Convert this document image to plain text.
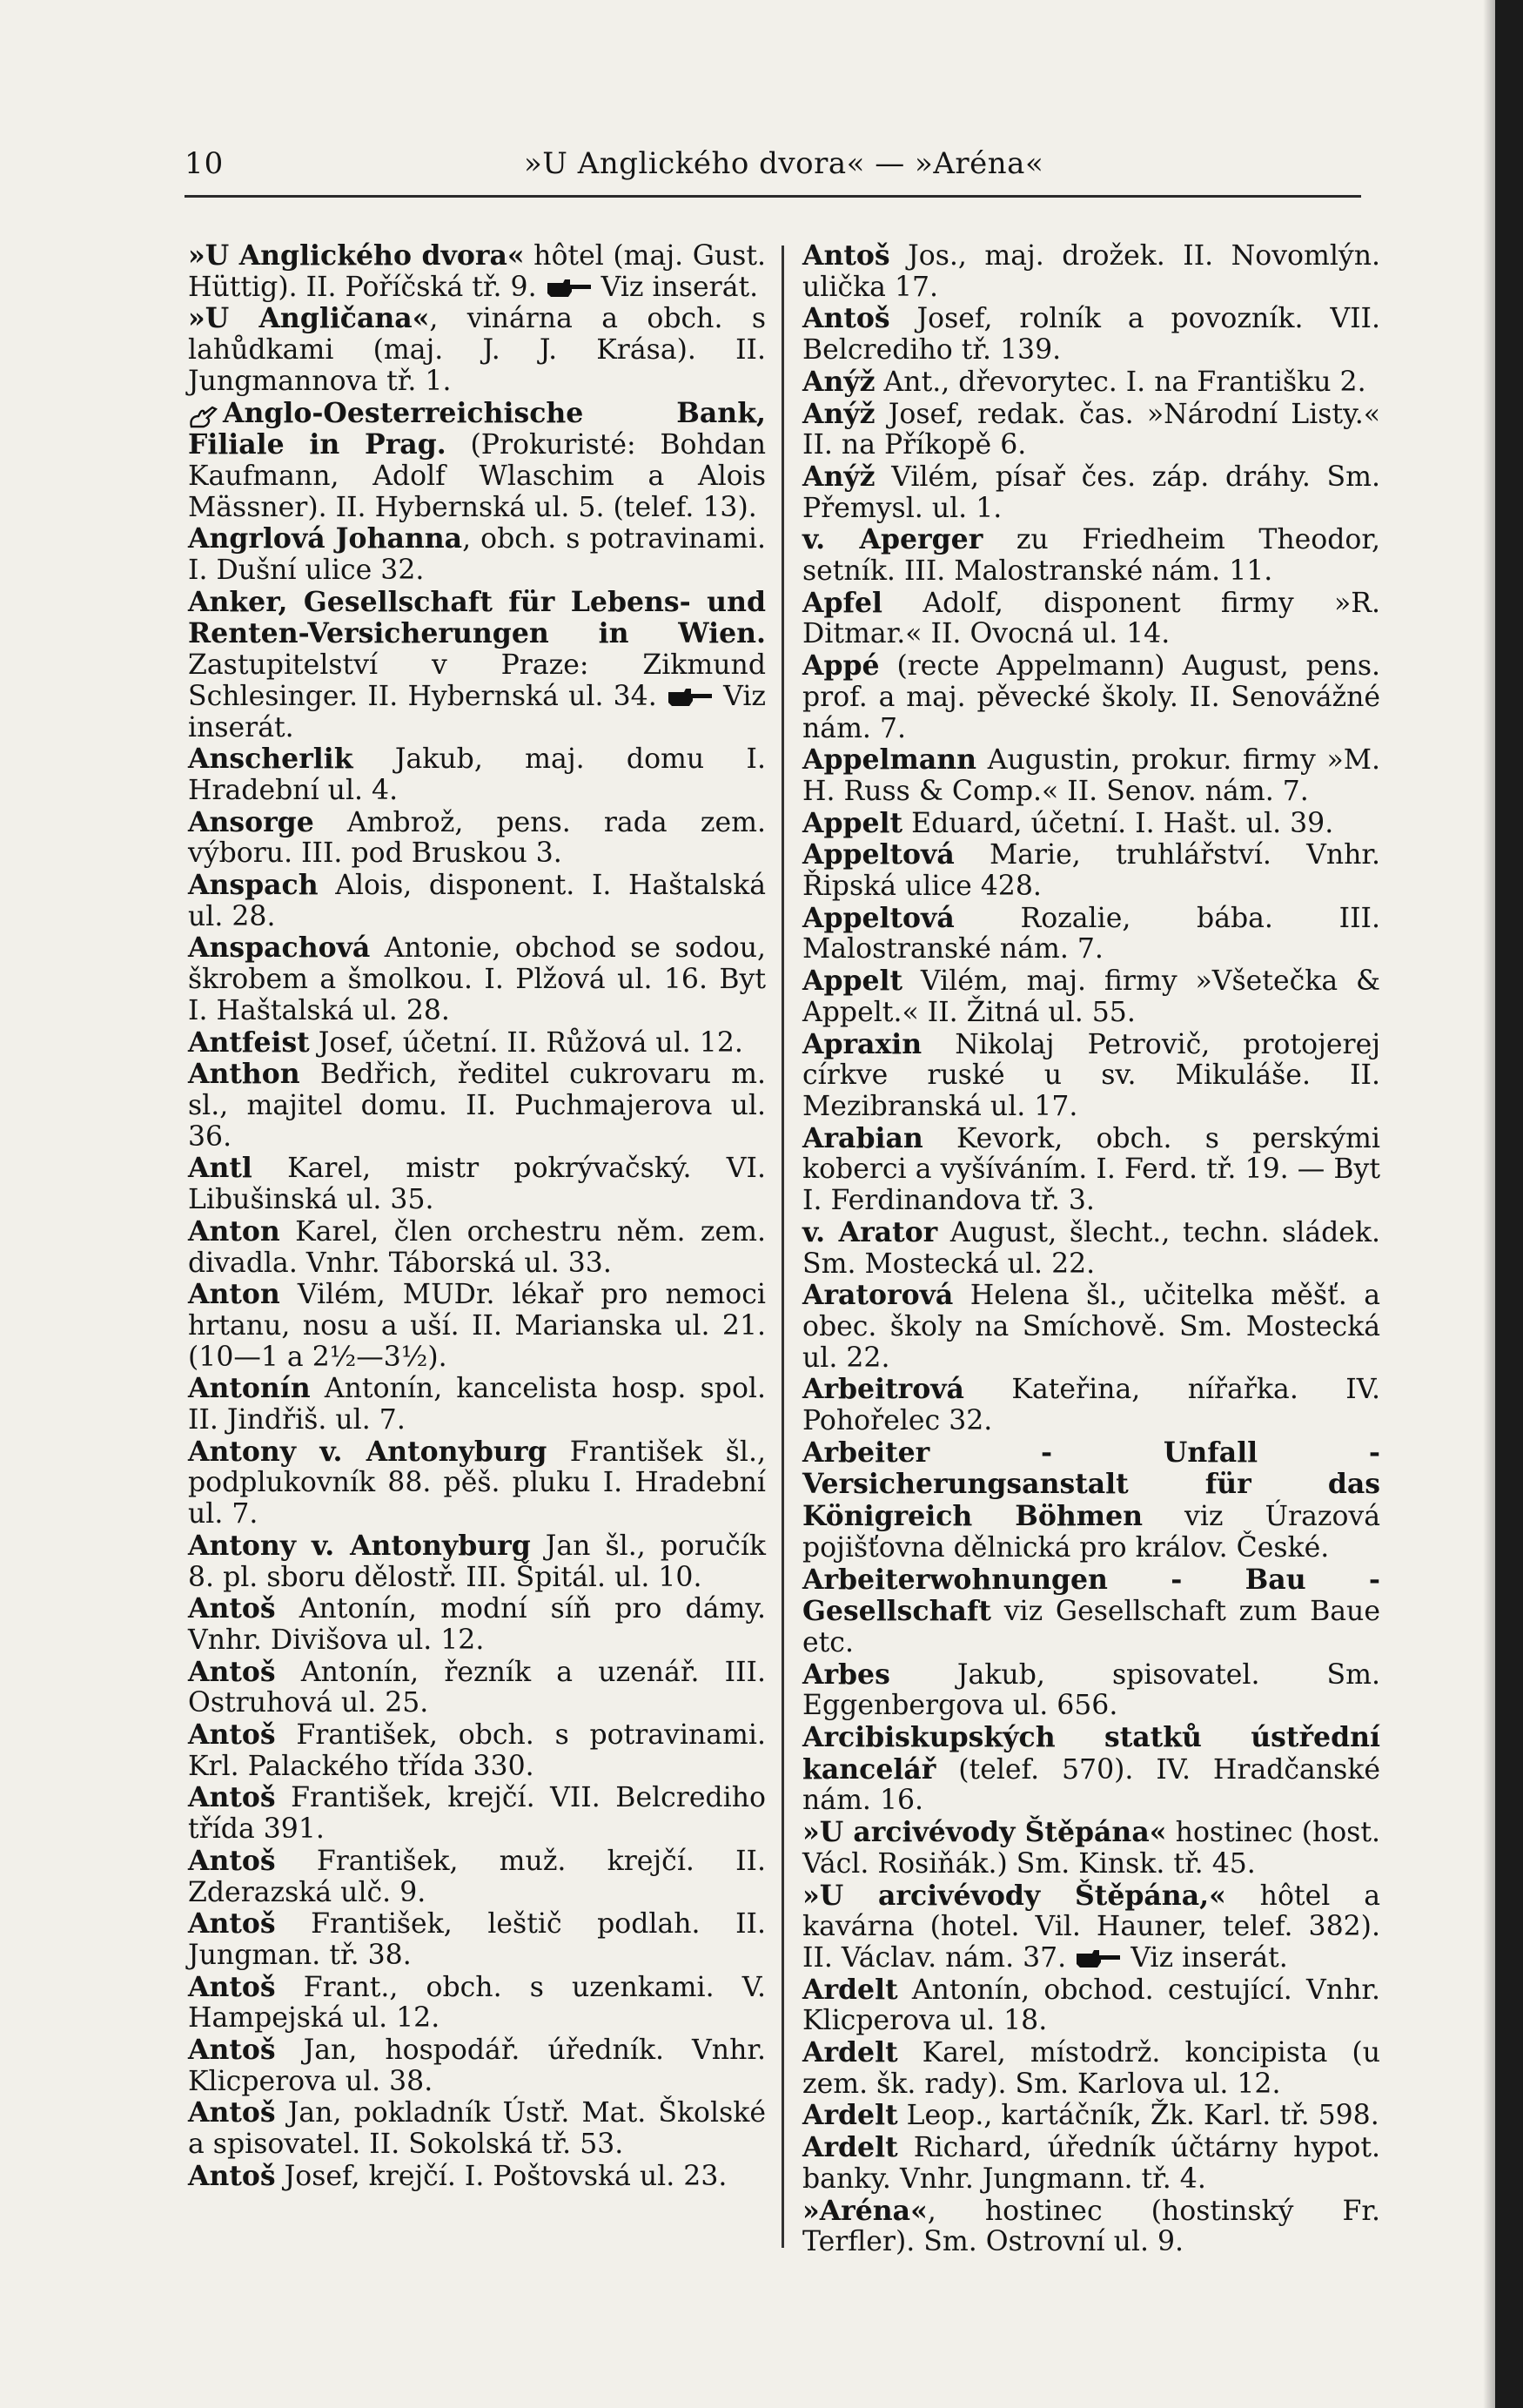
10	»U Anglického dvora« — »Aréna«

»U Anglického dvora« hôtel (maj. Gust. Hüttig). II. Poříčská tř. 9.
Viz inserát.

»U Angličana«, vinárna a obch. s lahůdkami (maj. J. J. Krása). II. Jungmannova tř. 1.

Anglo-Oesterreichische Bank, Filiale in Prag. (Prokuristé: Bohdan Kaufmann, Adolf Wlaschim a Alois Mässner). II. Hybernská ul. 5. (telef. 13).

Angrlová Johanna, obch. s potravinami. I. Dušní ulice 32.

Anker, Gesellschaft für Lebens- und Renten-Versicherungen in Wien. Zastupitelství v Praze: Zikmund Schlesinger. II. Hybernská ul. 34.
Viz inserát.

Anscherlik Jakub, maj. domu I. Hradební ul. 4.

Ansorge Ambrož, pens. rada zem. výboru. III. pod Bruskou 3.

Anspach Alois, disponent. I. Haštalská ul. 28.

Anspachová Antonie, obchod se sodou, škrobem a šmolkou. I. Plžová ul. 16. Byt I. Haštalská ul. 28.

Antfeist Josef, účetní. II. Růžová ul. 12.

Anthon Bedřich, ředitel cukrovaru m. sl., majitel domu. II. Puchmajerova ul. 36.

Antl Karel, mistr pokrývačský. VI. Libušinská ul. 35.

Anton Karel, člen orchestru něm. zem. divadla. Vnhr. Táborská ul. 33.

Anton Vilém, MUDr. lékař pro nemoci hrtanu, nosu a uší. II. Marianska ul. 21. (10—1 a 2½—3½).

Antonín Antonín, kancelista hosp. spol. II. Jindřiš. ul. 7.

Antony v. Antonyburg František šl., podplukovník 88. pěš. pluku I. Hradební ul. 7.

Antony v. Antonyburg Jan šl., poručík 8. pl. sboru dělostř. III. Špitál. ul. 10.

Antoš Antonín, modní síň pro dámy. Vnhr. Divišova ul. 12.

Antoš Antonín, řezník a uzenář. III. Ostruhová ul. 25.

Antoš František, obch. s potravinami. Krl. Palackého třída 330.

Antoš František, krejčí. VII. Belcrediho třída 391.

Antoš František, muž. krejčí. II. Zderazská ulč. 9.

Antoš František, leštič podlah. II. Jungman. tř. 38.

Antoš Frant., obch. s uzenkami. V. Hampejská ul. 12.

Antoš Jan, hospodář. úředník. Vnhr. Klicperova ul. 38.

Antoš Jan, pokladník Ústř. Mat. Školské a spisovatel. II. Sokolská tř. 53.

Antoš Josef, krejčí. I. Poštovská ul. 23.

Antoš Jos., maj. drožek. II. Novomlýn. ulička 17.

Antoš Josef, rolník a povozník. VII. Belcrediho tř. 139.

Anýž Ant., dřevorytec. I. na Františku 2.

Anýž Josef, redak. čas. »Národní Listy.« II. na Příkopě 6.

Anýž Vilém, písař čes. záp. dráhy. Sm. Přemysl. ul. 1.

v. Aperger zu Friedheim Theodor, setník. III. Malostranské nám. 11.

Apfel Adolf, disponent firmy »R. Ditmar.« II. Ovocná ul. 14.

Appé (recte Appelmann) August, pens. prof. a maj. pěvecké školy. II. Senovážné nám. 7.

Appelmann Augustin, prokur. firmy »M. H. Russ & Comp.« II. Senov. nám. 7.

Appelt Eduard, účetní. I. Hašt. ul. 39.

Appeltová Marie, truhlářství. Vnhr. Řipská ulice 428.

Appeltová Rozalie, bába. III. Malostranské nám. 7.

Appelt Vilém, maj. firmy »Všetečka & Appelt.« II. Žitná ul. 55.

Apraxin Nikolaj Petrovič, protojerej církve ruské u sv. Mikuláše. II. Mezibranská ul. 17.

Arabian Kevork, obch. s perskými koberci a vyšíváním. I. Ferd. tř. 19. — Byt I. Ferdinandova tř. 3.

v. Arator August, šlecht., techn. sládek. Sm. Mostecká ul. 22.

Aratorová Helena šl., učitelka měšť. a obec. školy na Smíchově. Sm. Mostecká ul. 22.

Arbeitrová Kateřina, nířařka. IV. Pohořelec 32.

Arbeiter - Unfall - Versicherungsanstalt für das Königreich Böhmen viz Úrazová pojišťovna dělnická pro králov. České.

Arbeiterwohnungen - Bau - Gesellschaft viz Gesellschaft zum Baue etc.

Arbes Jakub, spisovatel. Sm. Eggenbergova ul. 656.

Arcibiskupských statků ústřední kancelář (telef. 570). IV. Hradčanské nám. 16.

»U arcivévody Štěpána« hostinec (host. Václ. Rosiňák.) Sm. Kinsk. tř. 45.

»U arcivévody Štěpána,« hôtel a kavárna (hotel. Vil. Hauner, telef. 382). II. Václav. nám. 37.
Viz inserát.

Ardelt Antonín, obchod. cestující. Vnhr. Klicperova ul. 18.

Ardelt Karel, místodrž. koncipista (u zem. šk. rady). Sm. Karlova ul. 12.

Ardelt Leop., kartáčník, Žk. Karl. tř. 598.

Ardelt Richard, úředník účtárny hypot. banky. Vnhr. Jungmann. tř. 4.

»Aréna«, hostinec (hostinský Fr. Terfler). Sm. Ostrovní ul. 9.
